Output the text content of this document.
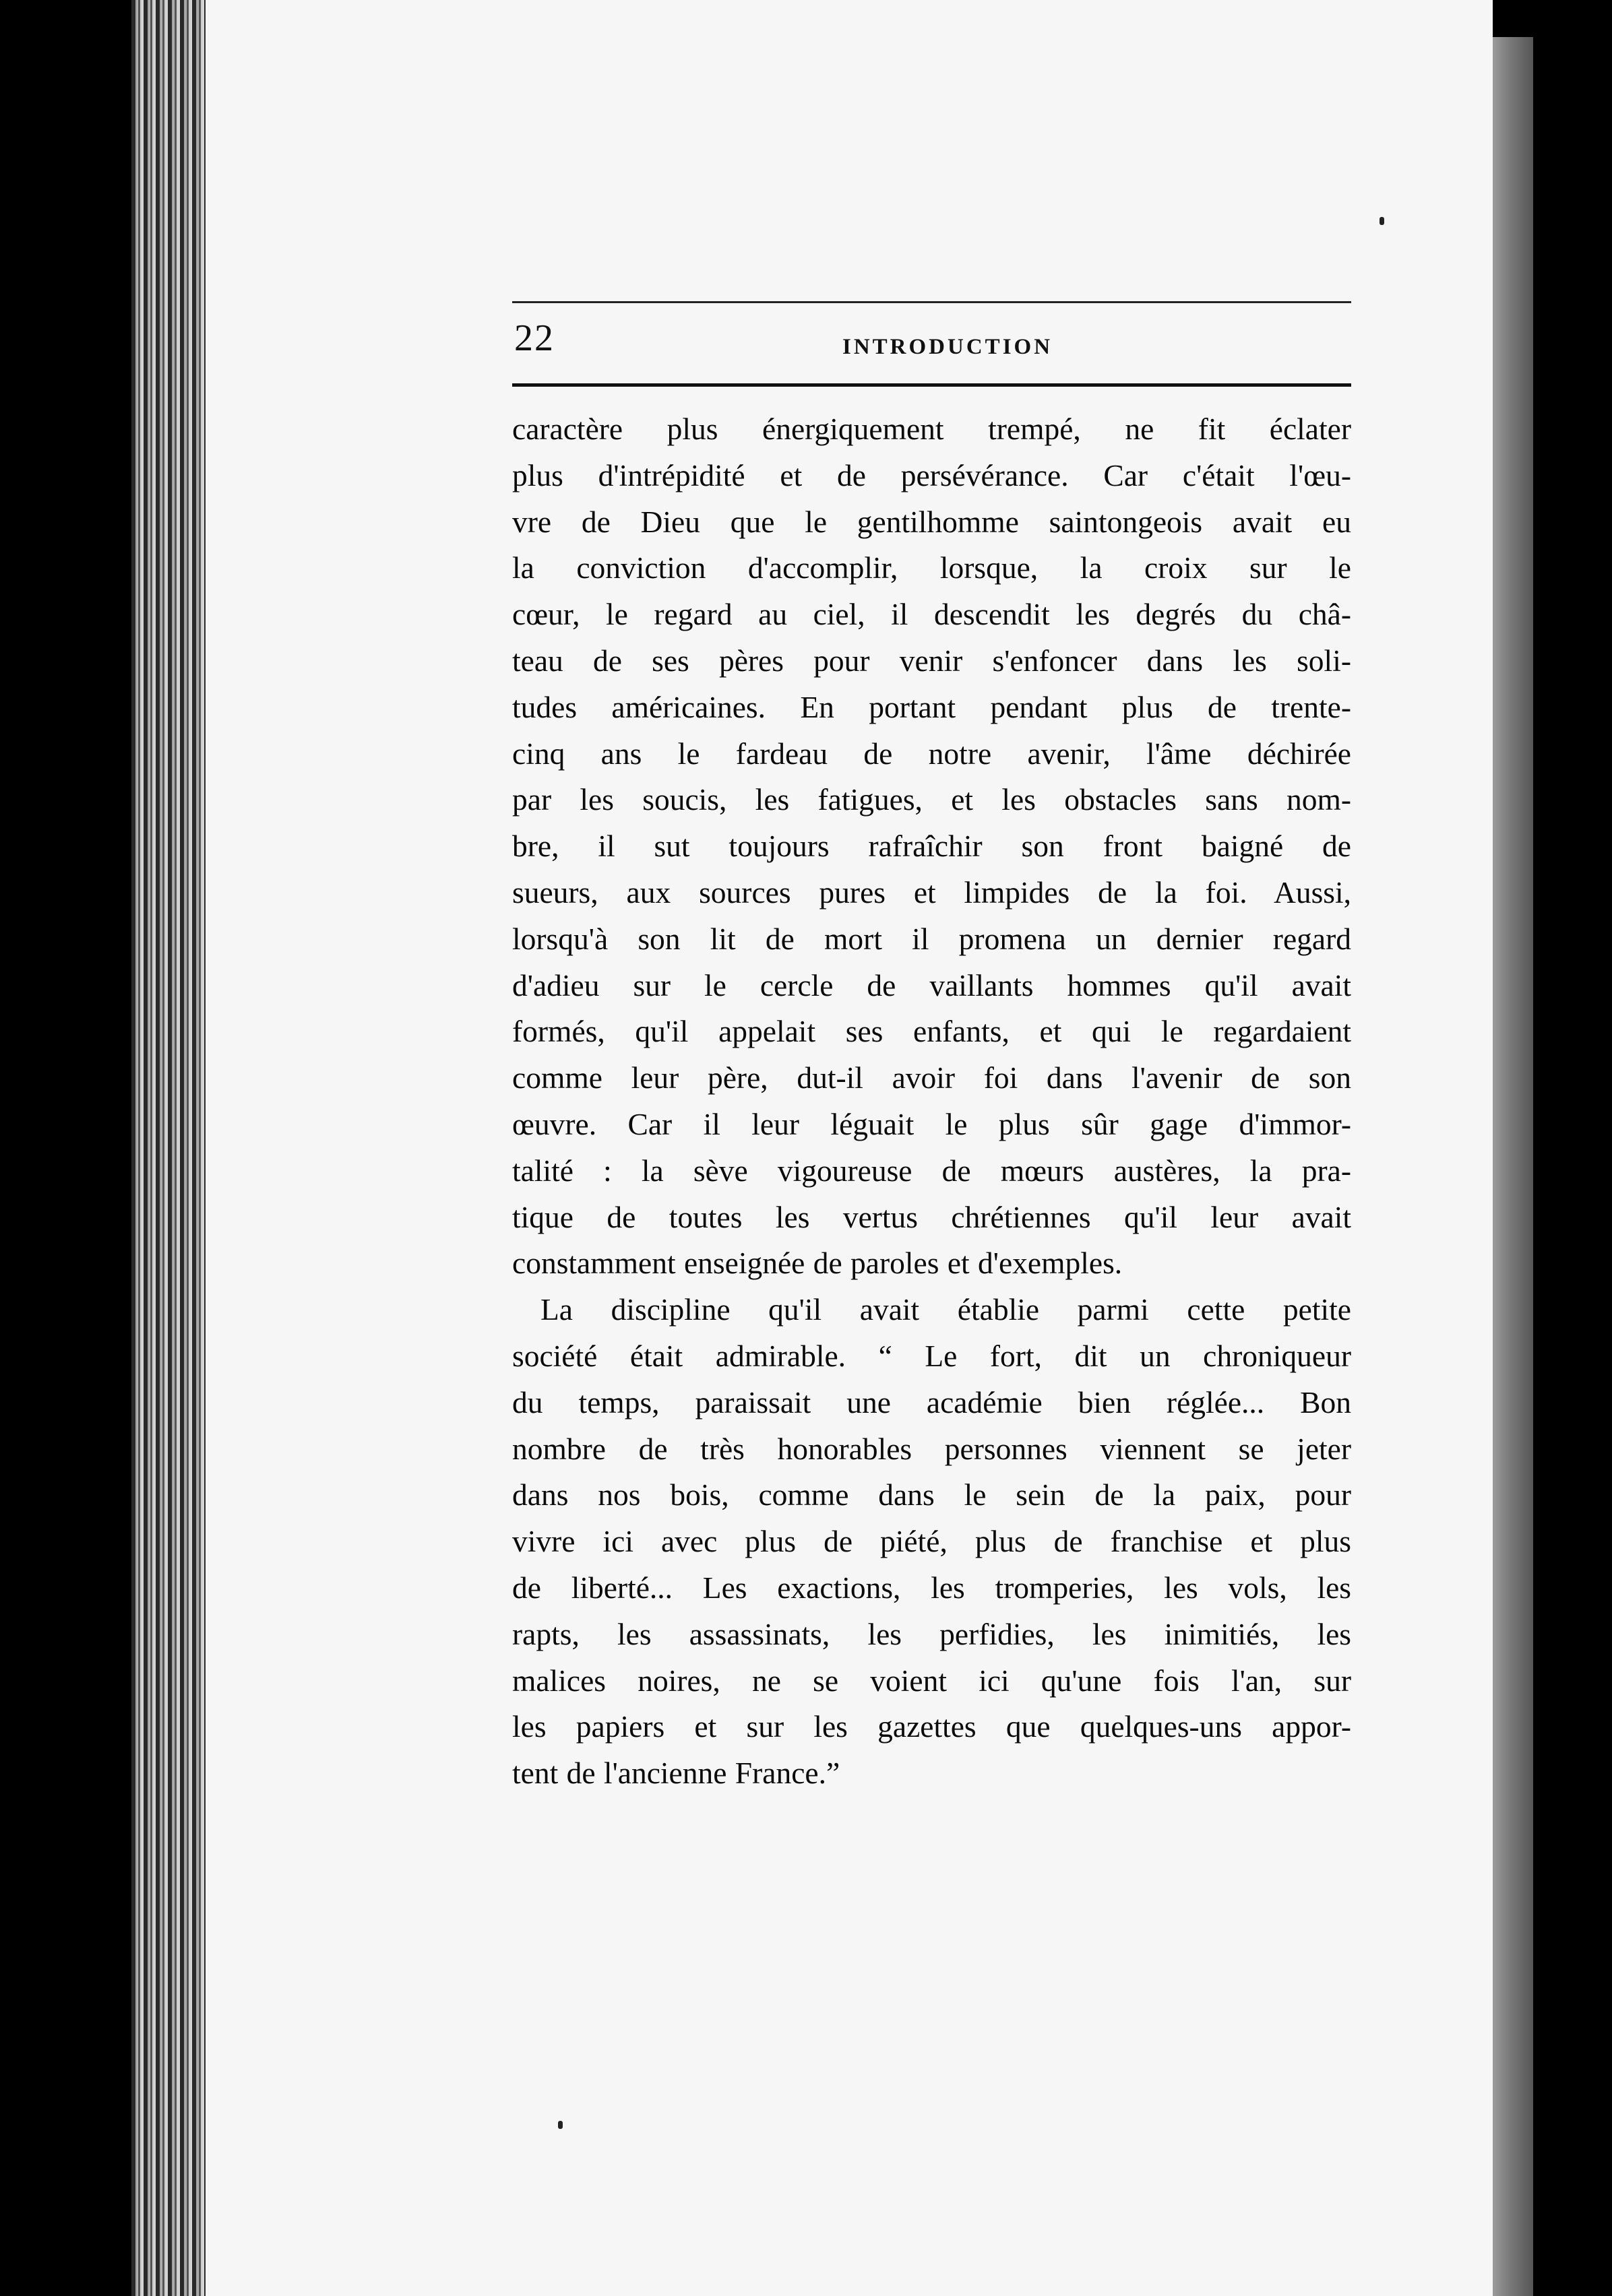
22	INTRODUCTION
caractère plus énergiquement trempé, ne fit éclater
plus d'intrépidité et de persévérance. Car c'était l'œu-
vre de Dieu que le gentilhomme saintongeois avait eu
la conviction d'accomplir, lorsque, la croix sur le
cœur, le regard au ciel, il descendit les degrés du châ-
teau de ses pères pour venir s'enfoncer dans les soli-
tudes américaines. En portant pendant plus de trente-
cinq ans le fardeau de notre avenir, l'âme déchirée
par les soucis, les fatigues, et les obstacles sans nom-
bre, il sut toujours rafraîchir son front baigné de
sueurs, aux sources pures et limpides de la foi. Aussi,
lorsqu'à son lit de mort il promena un dernier regard
d'adieu sur le cercle de vaillants hommes qu'il avait
formés, qu'il appelait ses enfants, et qui le regardaient
comme leur père, dut-il avoir foi dans l'avenir de son
œuvre. Car il leur léguait le plus sûr gage d'immor-
talité : la sève vigoureuse de mœurs austères, la pra-
tique de toutes les vertus chrétiennes qu'il leur avait
constamment enseignée de paroles et d'exemples.
La discipline qu'il avait établie parmi cette petite
société était admirable. “ Le fort, dit un chroniqueur
du temps, paraissait une académie bien réglée... Bon
nombre de très honorables personnes viennent se jeter
dans nos bois, comme dans le sein de la paix, pour
vivre ici avec plus de piété, plus de franchise et plus
de liberté... Les exactions, les tromperies, les vols, les
rapts, les assassinats, les perfidies, les inimitiés, les
malices noires, ne se voient ici qu'une fois l'an, sur
les papiers et sur les gazettes que quelques-uns appor-
tent de l'ancienne France.”
